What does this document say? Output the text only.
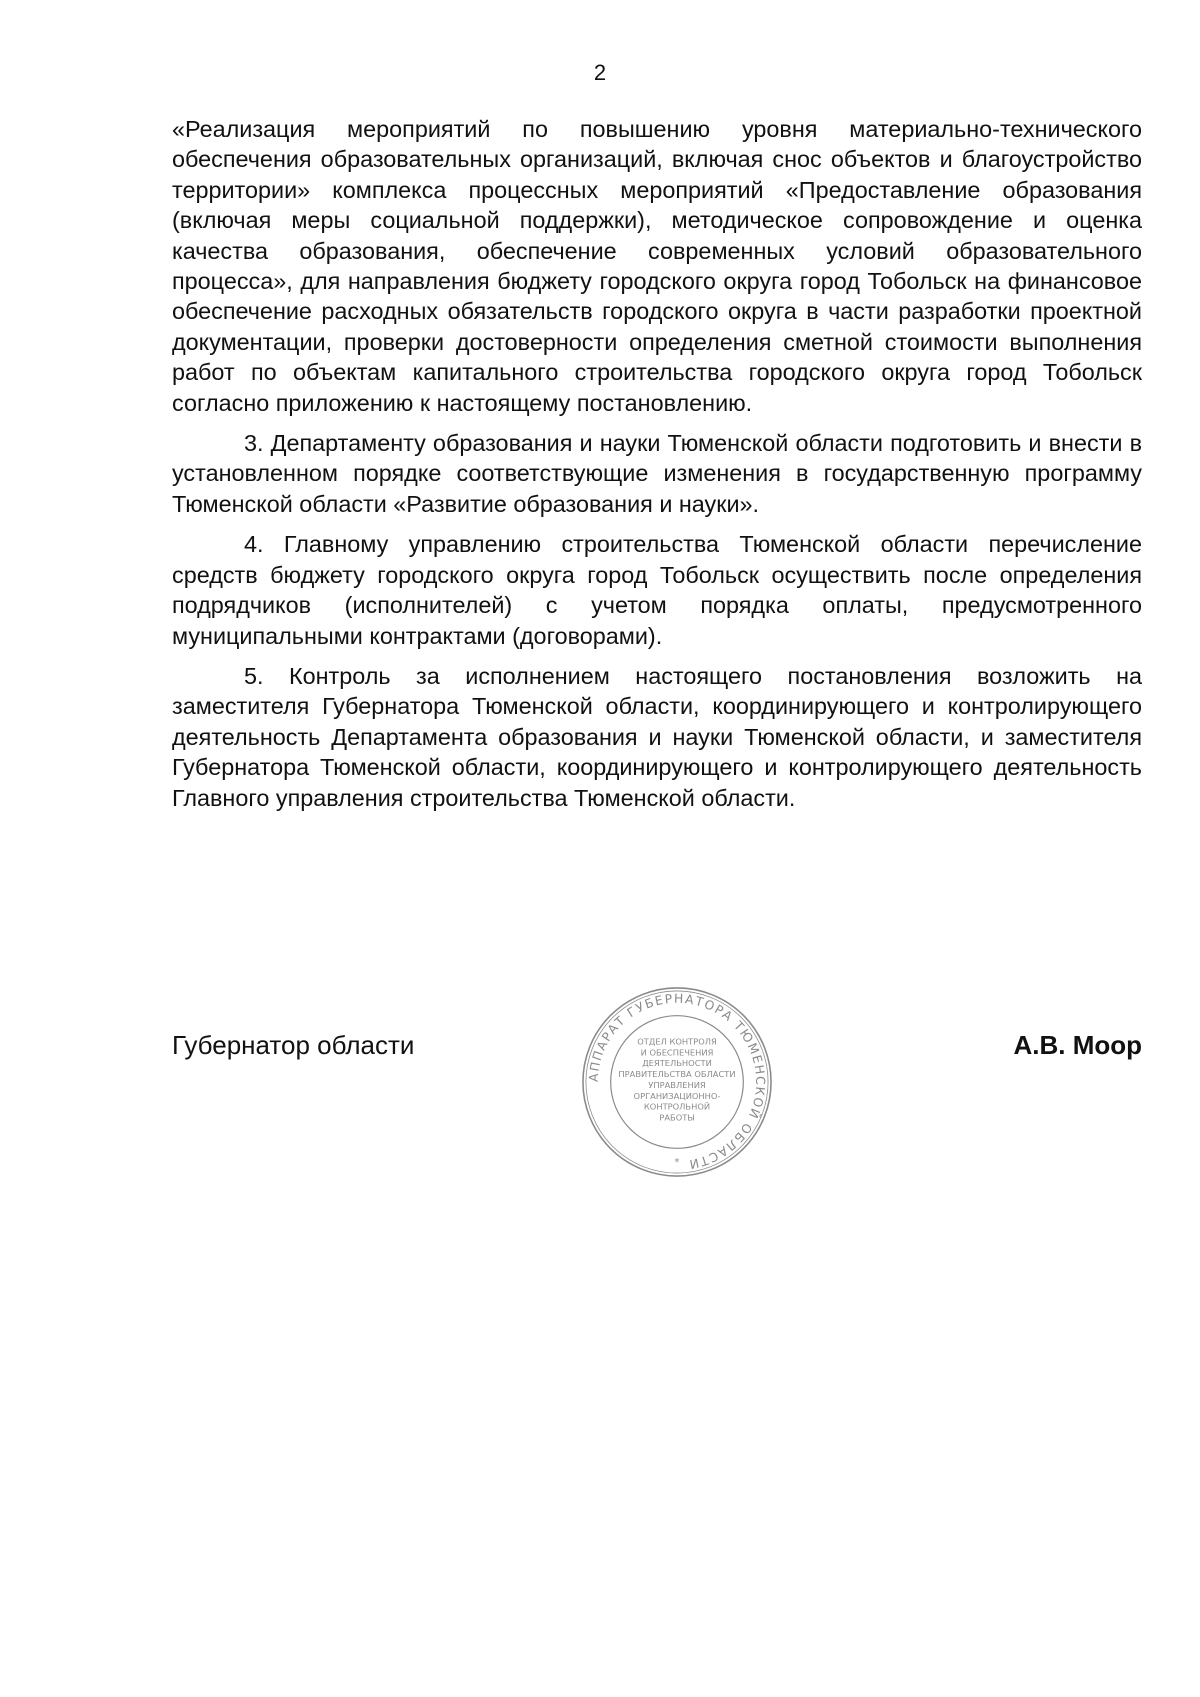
2

«Реализация мероприятий по повышению уровня материально-технического обеспечения образовательных организаций, включая снос объектов и благоустройство территории» комплекса процессных мероприятий «Предоставление образования (включая меры социальной поддержки), методическое сопровождение и оценка качества образования, обеспечение современных условий образовательного процесса», для направления бюджету городского округа город Тобольск на финансовое обеспечение расходных обязательств городского округа в части разработки проектной документации, проверки достоверности определения сметной стоимости выполнения работ по объектам капитального строительства городского округа город Тобольск согласно приложению к настоящему постановлению.

3. Департаменту образования и науки Тюменской области подготовить и внести в установленном порядке соответствующие изменения в государственную программу Тюменской области «Развитие образования и науки».

4. Главному управлению строительства Тюменской области перечисление средств бюджету городского округа город Тобольск осуществить после определения подрядчиков (исполнителей) с учетом порядка оплаты, предусмотренного муниципальными контрактами (договорами).

5. Контроль за исполнением настоящего постановления возложить на заместителя Губернатора Тюменской области, координирующего и контролирующего деятельность Департамента образования и науки Тюменской области, и заместителя Губернатора Тюменской области, координирующего и контролирующего деятельность Главного управления строительства Тюменской области.

Губернатор области	А.В. Моор
АППАРАТ ГУБЕРНАТОРА ТЮМЕНСКОЙ ОБЛАСТИ
ОТДЕЛ КОНТРОЛЯ
И ОБЕСПЕЧЕНИЯ
ДЕЯТЕЛЬНОСТИ
ПРАВИТЕЛЬСТВА ОБЛАСТИ
УПРАВЛЕНИЯ
ОРГАНИЗАЦИОННО-
КОНТРОЛЬНОЙ
РАБОТЫ
*
